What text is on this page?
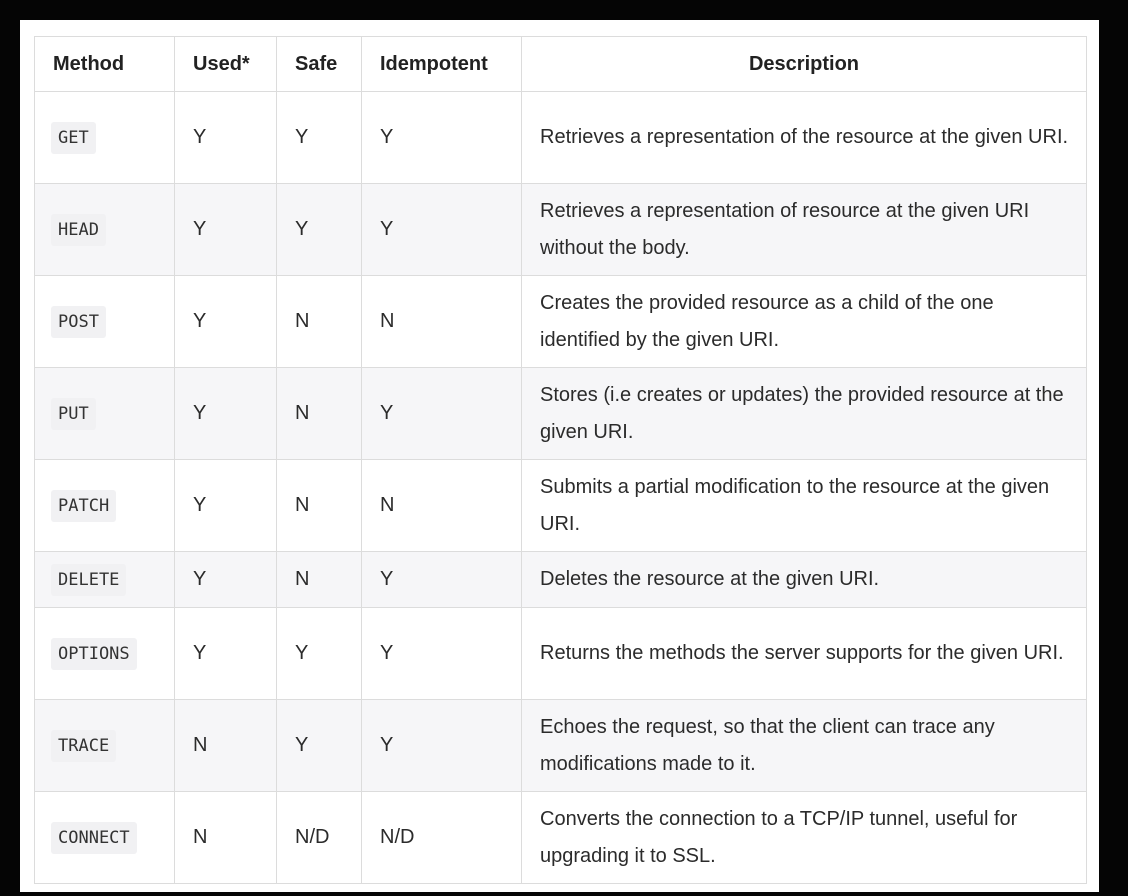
Method	Used*	Safe	Idempotent	Description
GET	Y	Y	Y	Retrieves a representation of the resource at the given URI.
HEAD	Y	Y	Y	Retrieves a representation of resource at the given URI without the body.
POST	Y	N	N	Creates the provided resource as a child of the one identified by the given URI.
PUT	Y	N	Y	Stores (i.e creates or updates) the provided resource at the given URI.
PATCH	Y	N	N	Submits a partial modification to the resource at the given URI.
DELETE	Y	N	Y	Deletes the resource at the given URI.
OPTIONS	Y	Y	Y	Returns the methods the server supports for the given URI.
TRACE	N	Y	Y	Echoes the request, so that the client can trace any modifications made to it.
CONNECT	N	N/D	N/D	Converts the connection to a TCP/IP tunnel, useful for upgrading it to SSL.
